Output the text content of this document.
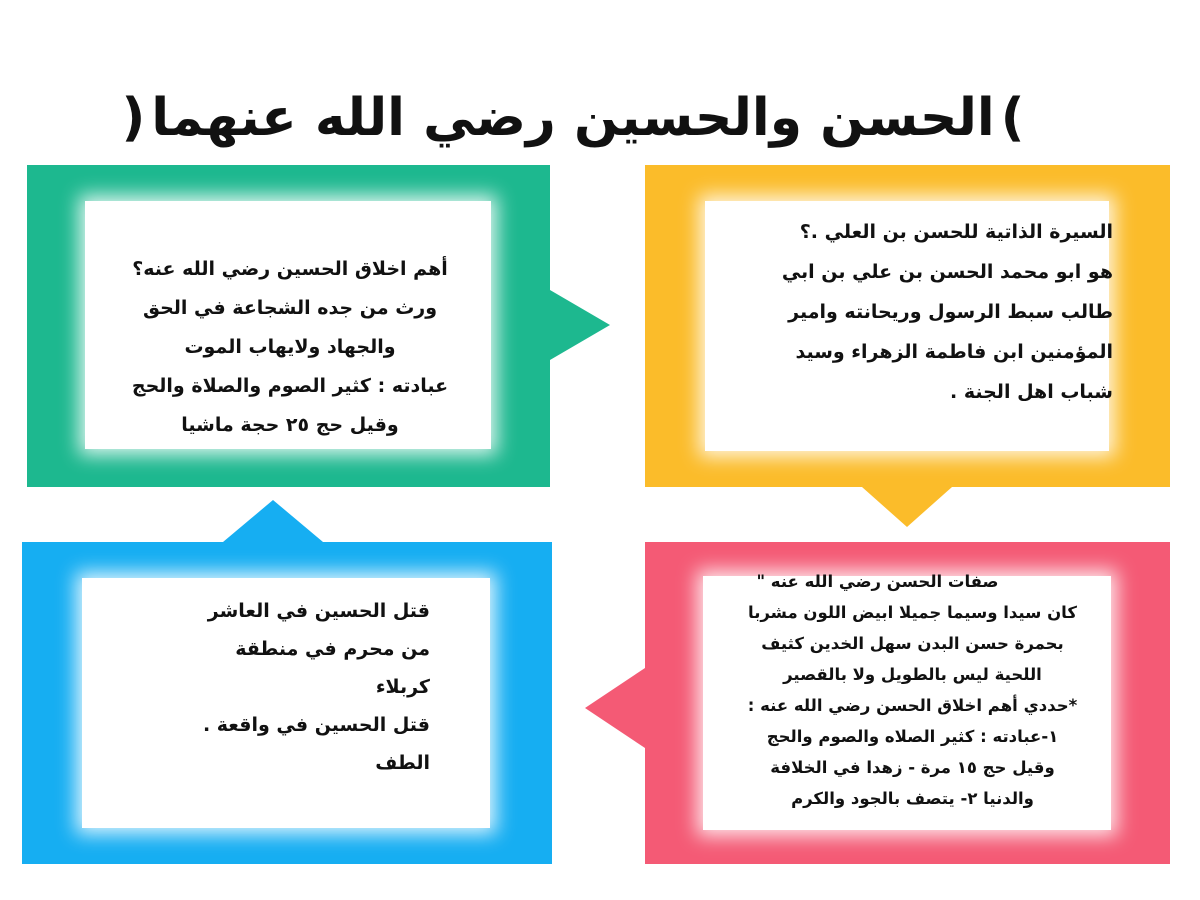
)
الحسن والحسين رضي الله عنهما
(
أهم اخلاق الحسين رضي الله عنه؟
ورث من جده الشجاعة في الحق
والجهاد ولايهاب الموت
عبادته : كثير الصوم والصلاة والحج
وقيل حج ٢٥ حجة ماشيا
السيرة الذاتية للحسن بن العلي .؟
هو ابو محمد الحسن بن علي بن ابي
طالب سبط الرسول وريحانته وامير
المؤمنين ابن فاطمة الزهراء وسيد
شباب اهل الجنة .
قتل الحسين في العاشر
من محرم في منطقة
كربلاء
قتل الحسين في واقعة .
الطف
صفات الحسن رضي الله عنه "
كان سيدا وسيما جميلا ابيض اللون مشربا
بحمرة حسن البدن سهل الخدين كثيف
اللحية ليس بالطويل ولا بالقصير
*حددي أهم اخلاق الحسن رضي الله عنه :
١-عبادته : كثير الصلاه والصوم والحج
وقيل حج ١٥ مرة - زهدا في الخلافة
والدنيا ٢- يتصف بالجود والكرم
